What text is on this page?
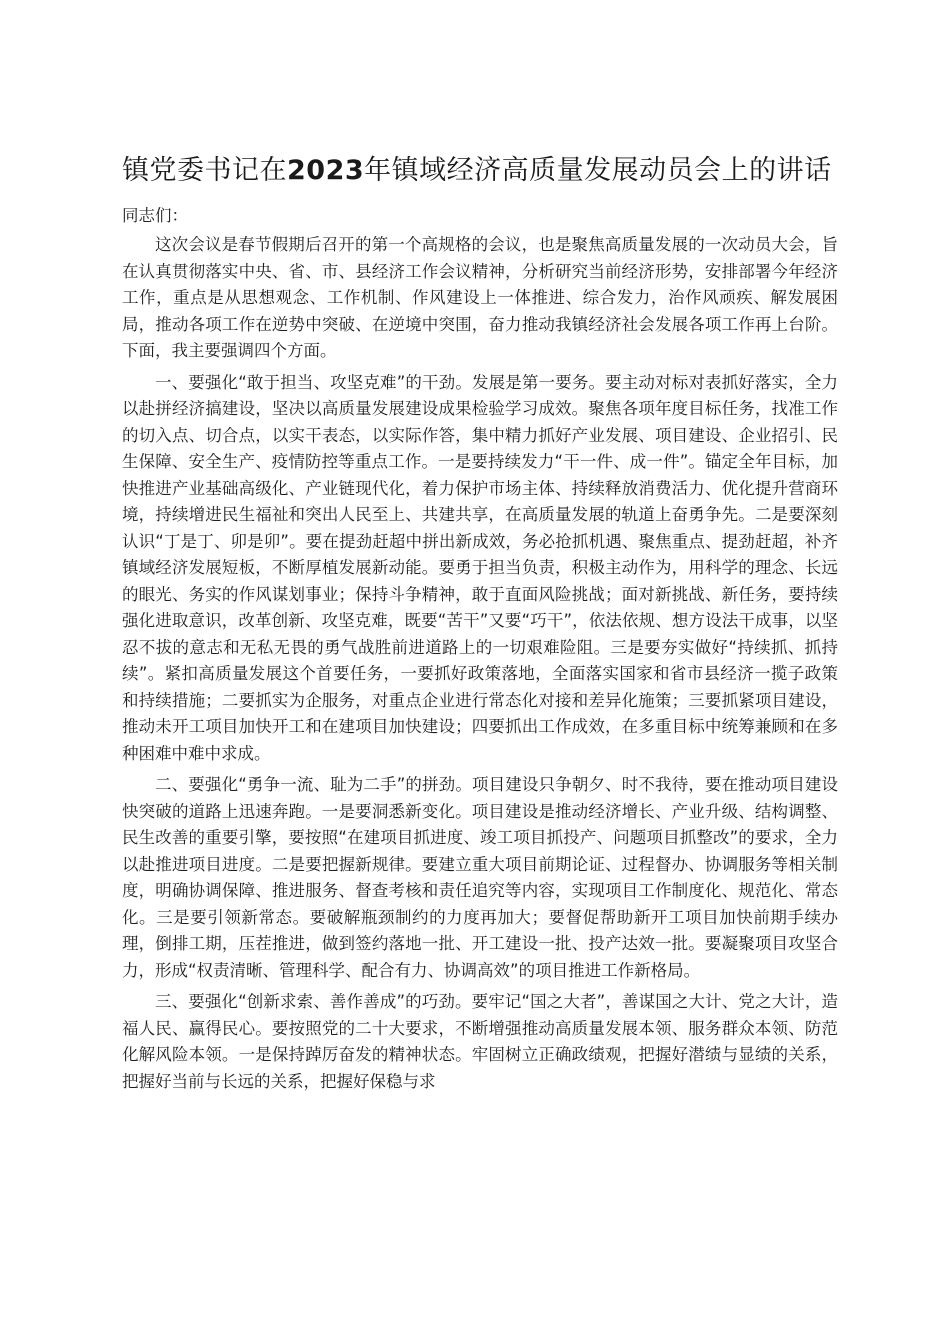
镇党委书记在2023年镇域经济高质量发展动员会上的讲话

同志们：

这次会议是春节假期后召开的第一个高规格的会议，也是聚焦高质量发展的一次动员大会，旨在认真贯彻落实中央、省、市、县经济工作会议精神，分析研究当前经济形势，安排部署今年经济工作，重点是从思想观念、工作机制、作风建设上一体推进、综合发力，治作风顽疾、解发展困局，推动各项工作在逆势中突破、在逆境中突围，奋力推动我镇经济社会发展各项工作再上台阶。下面，我主要强调四个方面。

一、要强化“敢于担当、攻坚克难”的干劲。发展是第一要务。要主动对标对表抓好落实，全力以赴拼经济搞建设，坚决以高质量发展建设成果检验学习成效。聚焦各项年度目标任务，找准工作的切入点、切合点，以实干表态，以实际作答，集中精力抓好产业发展、项目建设、企业招引、民生保障、安全生产、疫情防控等重点工作。一是要持续发力“干一件、成一件”。锚定全年目标，加快推进产业基础高级化、产业链现代化，着力保护市场主体、持续释放消费活力、优化提升营商环境，持续增进民生福祉和突出人民至上、共建共享，在高质量发展的轨道上奋勇争先。二是要深刻认识“丁是丁、卯是卯”。要在提劲赶超中拼出新成效，务必抢抓机遇、聚焦重点、提劲赶超，补齐镇域经济发展短板，不断厚植发展新动能。要勇于担当负责，积极主动作为，用科学的理念、长远的眼光、务实的作风谋划事业；保持斗争精神，敢于直面风险挑战；面对新挑战、新任务，要持续强化进取意识，改革创新、攻坚克难，既要“苦干”又要“巧干”，依法依规、想方设法干成事，以坚忍不拔的意志和无私无畏的勇气战胜前进道路上的一切艰难险阻。三是要夯实做好“持续抓、抓持续”。紧扣高质量发展这个首要任务，一要抓好政策落地，全面落实国家和省市县经济一揽子政策和持续措施；二要抓实为企服务，对重点企业进行常态化对接和差异化施策；三要抓紧项目建设，推动未开工项目加快开工和在建项目加快建设；四要抓出工作成效，在多重目标中统筹兼顾和在多种困难中难中求成。

二、要强化“勇争一流、耻为二手”的拼劲。项目建设只争朝夕、时不我待，要在推动项目建设快突破的道路上迅速奔跑。一是要洞悉新变化。项目建设是推动经济增长、产业升级、结构调整、民生改善的重要引擎，要按照“在建项目抓进度、竣工项目抓投产、问题项目抓整改”的要求，全力以赴推进项目进度。二是要把握新规律。要建立重大项目前期论证、过程督办、协调服务等相关制度，明确协调保障、推进服务、督查考核和责任追究等内容，实现项目工作制度化、规范化、常态化。三是要引领新常态。要破解瓶颈制约的力度再加大；要督促帮助新开工项目加快前期手续办理，倒排工期，压茬推进，做到签约落地一批、开工建设一批、投产达效一批。要凝聚项目攻坚合力，形成“权责清晰、管理科学、配合有力、协调高效”的项目推进工作新格局。

三、要强化“创新求索、善作善成”的巧劲。要牢记“国之大者”，善谋国之大计、党之大计，造福人民、赢得民心。要按照党的二十大要求，不断增强推动高质量发展本领、服务群众本领、防范化解风险本领。一是保持踔厉奋发的精神状态。牢固树立正确政绩观，把握好潜绩与显绩的关系，把握好当前与长远的关系，把握好保稳与求
